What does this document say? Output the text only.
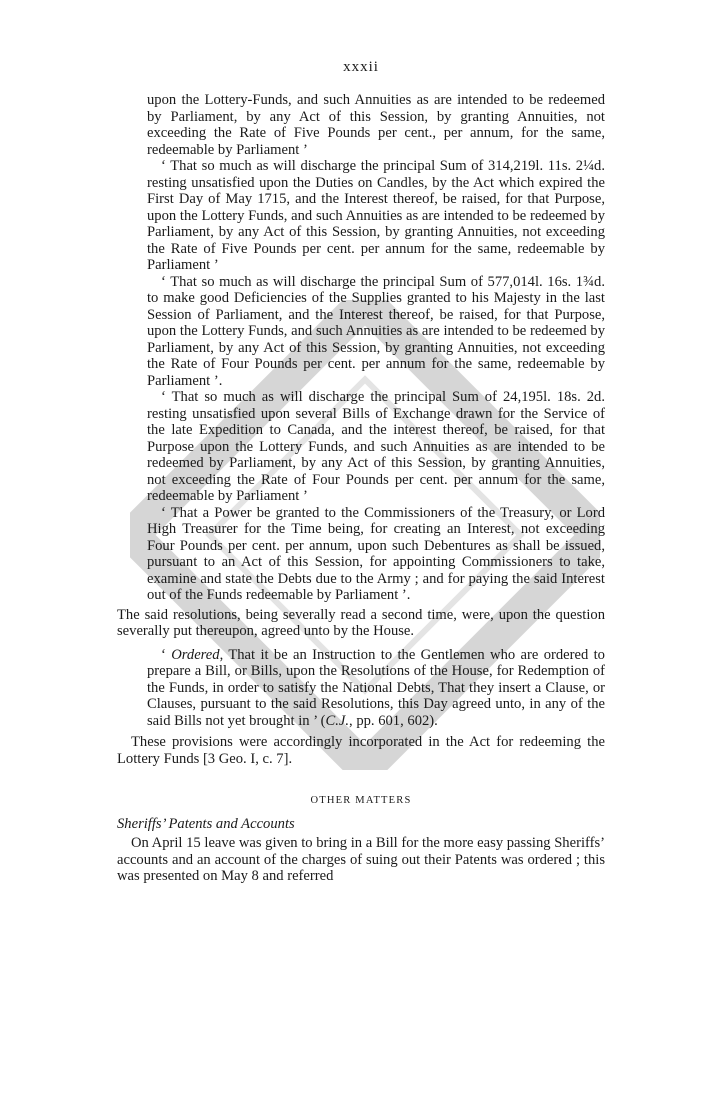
xxxii

upon the Lottery-Funds, and such Annuities as are intended to be redeemed by Parliament, by any Act of this Session, by granting Annuities, not exceeding the Rate of Five Pounds per cent., per annum, for the same, redeemable by Parliament ’

‘ That so much as will discharge the principal Sum of 314,219l. 11s. 2¼d. resting unsatisfied upon the Duties on Candles, by the Act which expired the First Day of May 1715, and the Interest thereof, be raised, for that Purpose, upon the Lottery Funds, and such Annuities as are intended to be redeemed by Parliament, by any Act of this Session, by granting Annuities, not exceeding the Rate of Five Pounds per cent. per annum for the same, redeemable by Parliament ’

‘ That so much as will discharge the principal Sum of 577,014l. 16s. 1¾d. to make good Deficiencies of the Supplies granted to his Majesty in the last Session of Parliament, and the Interest thereof, be raised, for that Purpose, upon the Lottery Funds, and such Annuities as are intended to be redeemed by Parliament, by any Act of this Session, by granting Annuities, not exceeding the Rate of Four Pounds per cent. per annum for the same, redeemable by Parliament ’.

‘ That so much as will discharge the principal Sum of 24,195l. 18s. 2d. resting unsatisfied upon several Bills of Exchange drawn for the Service of the late Expedition to Canada, and the interest thereof, be raised, for that Purpose upon the Lottery Funds, and such Annuities as are intended to be redeemed by Parliament, by any Act of this Session, by granting Annuities, not exceeding the Rate of Four Pounds per cent. per annum for the same, redeemable by Parliament ’

‘ That a Power be granted to the Commissioners of the Treasury, or Lord High Treasurer for the Time being, for creating an Interest, not exceeding Four Pounds per cent. per annum, upon such Debentures as shall be issued, pursuant to an Act of this Session, for appointing Commissioners to take, examine and state the Debts due to the Army ; and for paying the said Interest out of the Funds redeemable by Parliament ’.

The said resolutions, being severally read a second time, were, upon the question severally put thereupon, agreed unto by the House.

‘ Ordered, That it be an Instruction to the Gentlemen who are ordered to prepare a Bill, or Bills, upon the Resolutions of the House, for Redemption of the Funds, in order to satisfy the National Debts, That they insert a Clause, or Clauses, pursuant to the said Resolutions, this Day agreed unto, in any of the said Bills not yet brought in ’ (C.J., pp. 601, 602).

These provisions were accordingly incorporated in the Act for redeeming the Lottery Funds [3 Geo. I, c. 7].

OTHER MATTERS
Sheriffs’ Patents and Accounts

On April 15 leave was given to bring in a Bill for the more easy passing Sheriffs’ accounts and an account of the charges of suing out their Patents was ordered ; this was presented on May 8 and referred
